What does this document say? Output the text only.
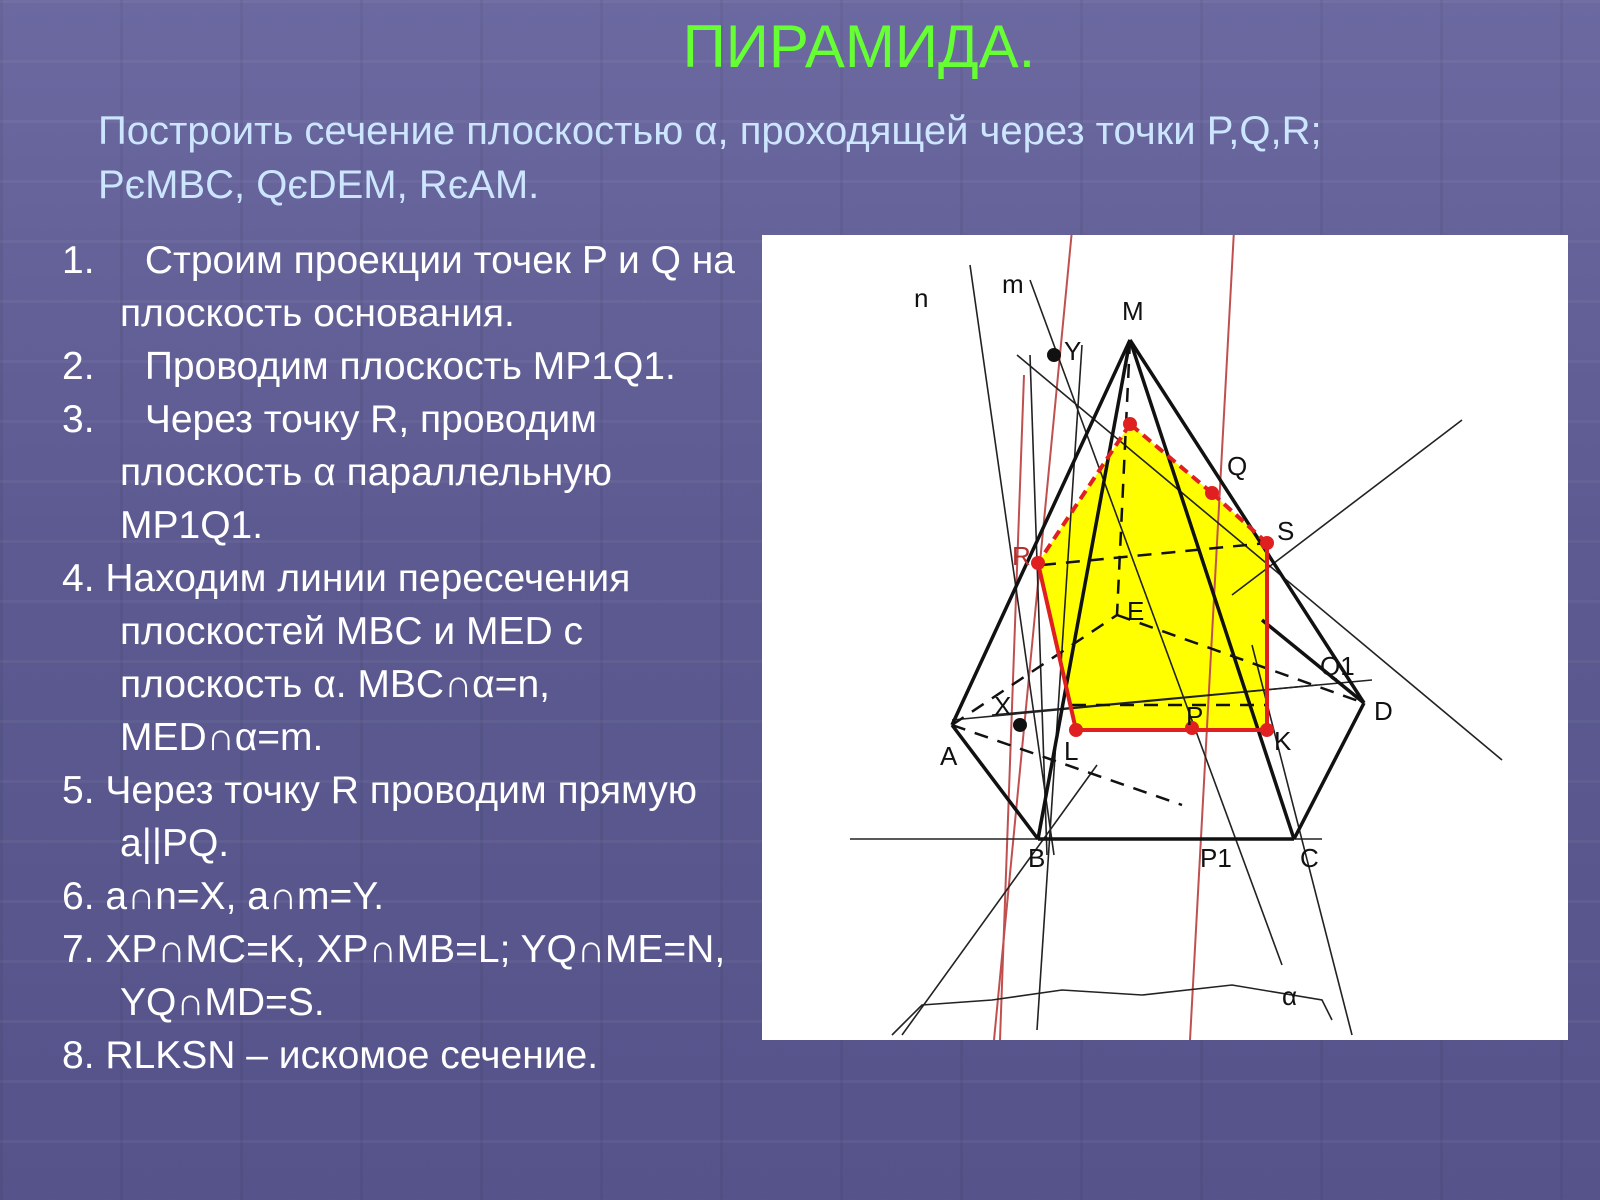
ПИРАМИДА.
Построить сечение плоскостью α, проходящей через точки P,Q,R;
PєMBC, QєDEM, RєAM.
1. Строим проекции точек P и Q на плоскость основания.
2. Проводим плоскость MP1Q1.
3. Через точку R, проводим плоскость α параллельную MP1Q1.
4. Находим линии пересечения плоскостей MBC и MED с плоскость α. MBC∩α=n, MED∩α=m.
5. Через точку R проводим прямую a||PQ.
6. a∩n=X, a∩m=Y.
7. XP∩MC=K, XP∩MB=L; YQ∩ME=N, YQ∩MD=S.
8. RLKSN – искомое сечение.
n	m
M
Y
Q
S
R
E
Q1
D
X
A	L
P
K
B	P1	C
α
